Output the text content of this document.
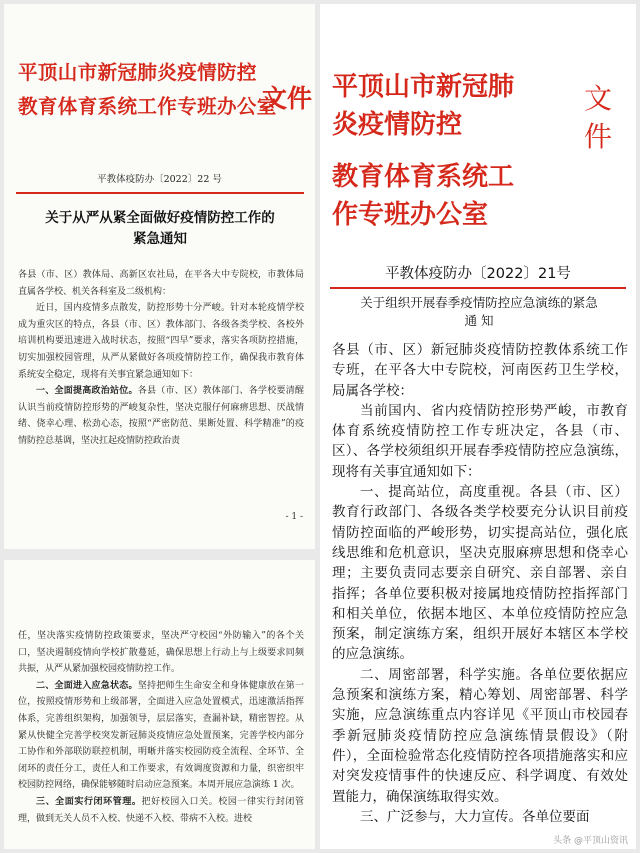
平顶山市新冠肺炎疫情防控
教育体育系统工作专班办公室
文件
平教体疫防办〔2022〕22 号
关于从严从紧全面做好疫情防控工作的
紧急通知

各县（市、区）教体局、高新区农社局，在平各大中专院校，市教体局直属各学校、机关各科室及二级机构：

近日，国内疫情多点散发，防控形势十分严峻。针对本轮疫情学校成为重灾区的特点，各县（市、区）教体部门、各级各类学校、各校外培训机构要迅速进入战时状态，按照“四早”要求，落实各项防控措施，切实加强校园管理，从严从紧做好各项疫情防控工作，确保我市教育体系统安全稳定，现将有关事宜紧急通知如下：

一、全面提高政治站位。各县（市、区）教体部门、各学校要清醒认识当前疫情防控形势的严峻复杂性，坚决克服仔何麻痹思想、厌战情绪、侥幸心理、松劲心态，按照“严密防范、果断处置、科学精准”的疫情防控总基调，坚决扛起疫情防控政治责

- 1 -

任，坚决落实疫情防控政策要求，坚决严守校园“外防输入”的各个关口，坚决遏制疫情向学校扩散蔓延，确保思想上行动上与上级要求同频共振，从严从紧加强校园疫情防控工作。

二、全面进入应急状态。坚持把师生生命安全和身体健康放在第一位，按照疫情形势和上级部署，全面进入应急处置模式，迅速激活指挥体系，完善组织架构，加强领导，层层落实，查漏补缺，精密智控。从紧从快健全完善学校突发新冠肺炎疫情应急处置预案，完善学校内部分工协作和外部联防联控机制，明晰并落实校园防疫全流程、全环节、全闭环的责任分工，责任人和工作要求，有效调度资源和力量，织密织牢校园防控网络，确保能够随时启动应急预案。本周开展应急演练 1 次。

三、全面实行闭环管理。把好校园入口关。校园一律实行封闭管理，做到无关人员不入校、快递不入校、带病不入校。进校

平顶山市新冠肺
炎疫情防控
教育体育系统工
作专班办公室
文件
平教体疫防办〔2022〕21号
关于组织开展春季疫情防控应急演练的紧急
通 知

各县（市、区）新冠肺炎疫情防控教体系统工作专班，在平各大中专院校，河南医药卫生学校，局属各学校：

当前国内、省内疫情防控形势严峻，市教育体育系统疫情防控工作专班决定，各县（市、区）、各学校须组织开展春季疫情防控应急演练，现将有关事宜通知如下：

一、提高站位，高度重视。各县（市、区）教育行政部门、各级各类学校要充分认识目前疫情防控面临的严峻形势，切实提高站位，强化底线思维和危机意识，坚决克服麻痹思想和侥幸心理；主要负责同志要亲自研究、亲自部署、亲自指挥；各单位要积极对接属地疫情防控指挥部门和相关单位，依据本地区、本单位疫情防控应急预案，制定演练方案，组织开展好本辖区本学校的应急演练。

二、周密部署，科学实施。各单位要依据应急预案和演练方案，精心筹划、周密部署、科学实施，应急演练重点内容详见《平顶山市校园春季新冠肺炎疫情防控应急演练情景假设》（附件），全面检验常态化疫情防控各项措施落实和应对突发疫情事件的快速反应、科学调度、有效处置能力，确保演练取得实效。

三、广泛参与，大力宣传。各单位要面

头条 @平顶山资讯
